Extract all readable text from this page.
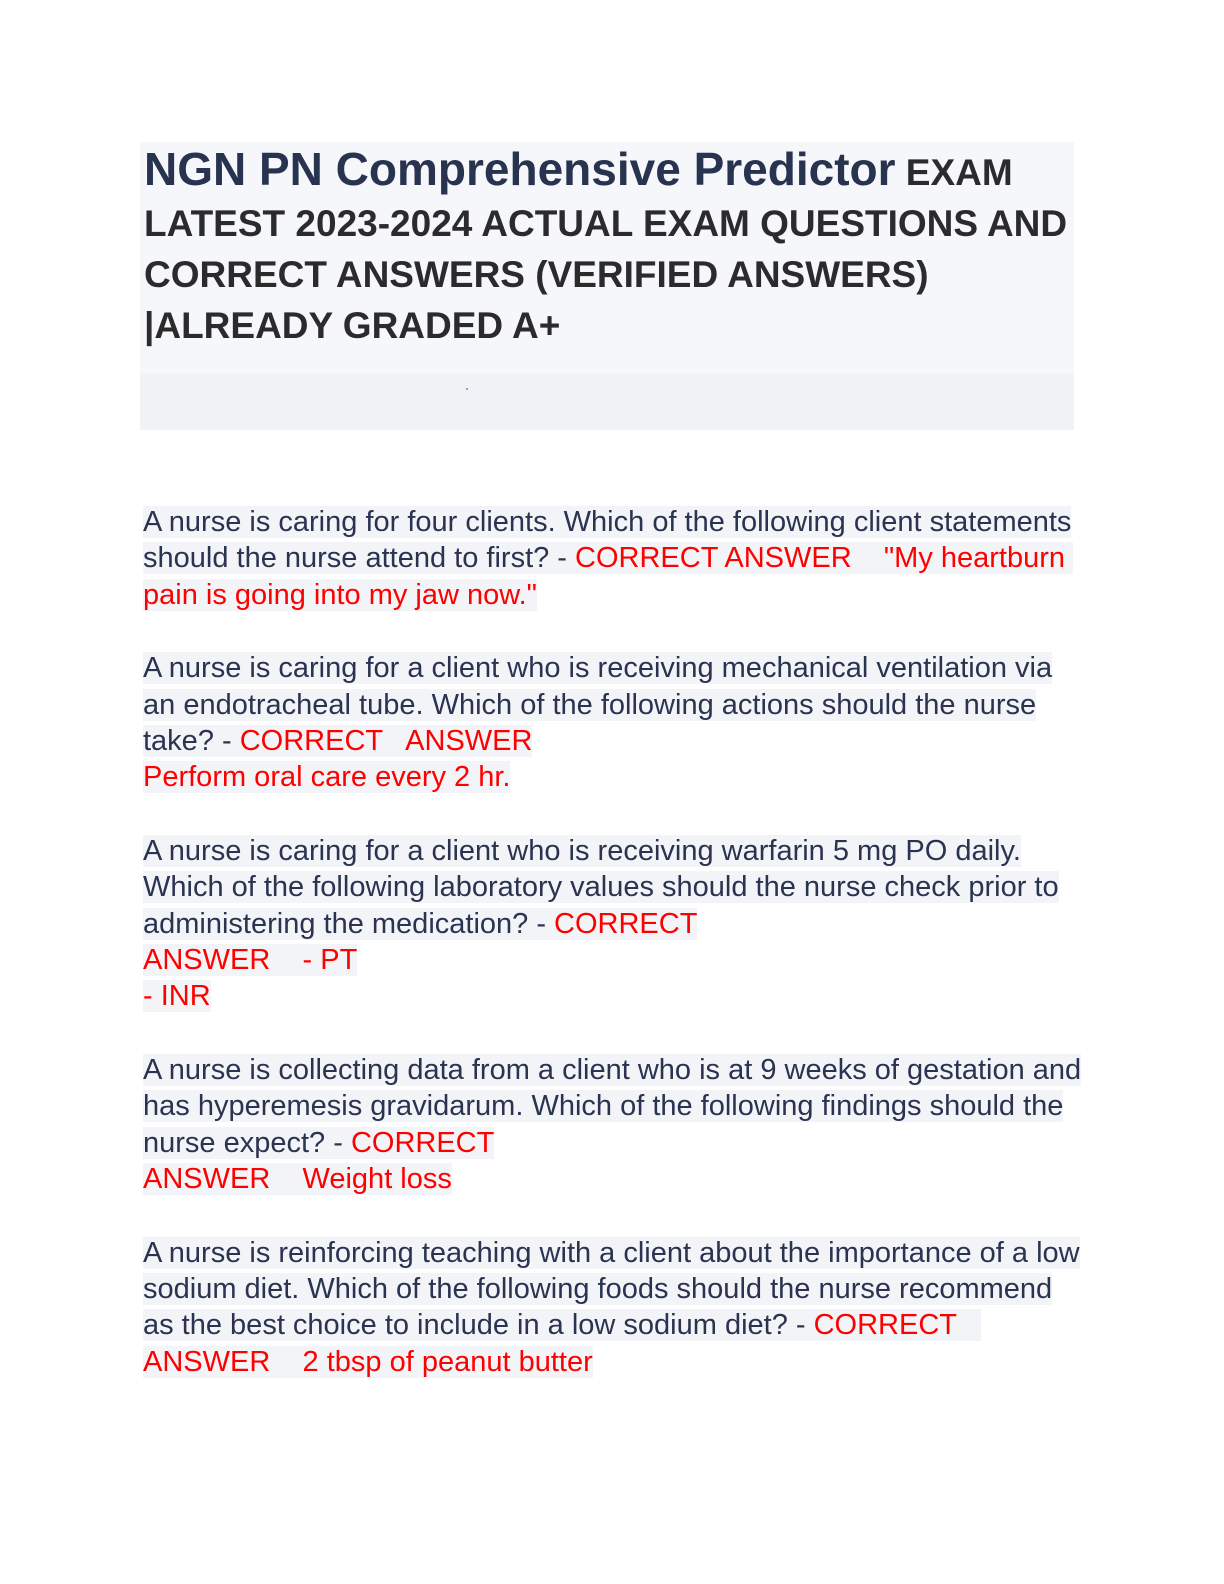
NGN PN Comprehensive Predictor EXAM LATEST 2023-2024 ACTUAL EXAM QUESTIONS AND CORRECT ANSWERS (VERIFIED ANSWERS) |ALREADY GRADED A+

A nurse is caring for four clients. Which of the following client statements should the nurse attend to first? - CORRECT ANSWER    "My heartburn pain is going into my jaw now."

A nurse is caring for a client who is receiving mechanical ventilation via an endotracheal tube. Which of the following actions should the nurse take? - CORRECT   ANSWER
Perform oral care every 2 hr.

A nurse is caring for a client who is receiving warfarin 5 mg PO daily. Which of the following laboratory values should the nurse check prior to administering the medication? - CORRECT
ANSWER    - PT
- INR

A nurse is collecting data from a client who is at 9 weeks of gestation and has hyperemesis gravidarum. Which of the following findings should the nurse expect? - CORRECT
ANSWER    Weight loss

A nurse is reinforcing teaching with a client about the importance of a low sodium diet. Which of the following foods should the nurse recommend as the best choice to include in a low sodium diet? - CORRECT   ANSWER    2 tbsp of peanut butter
